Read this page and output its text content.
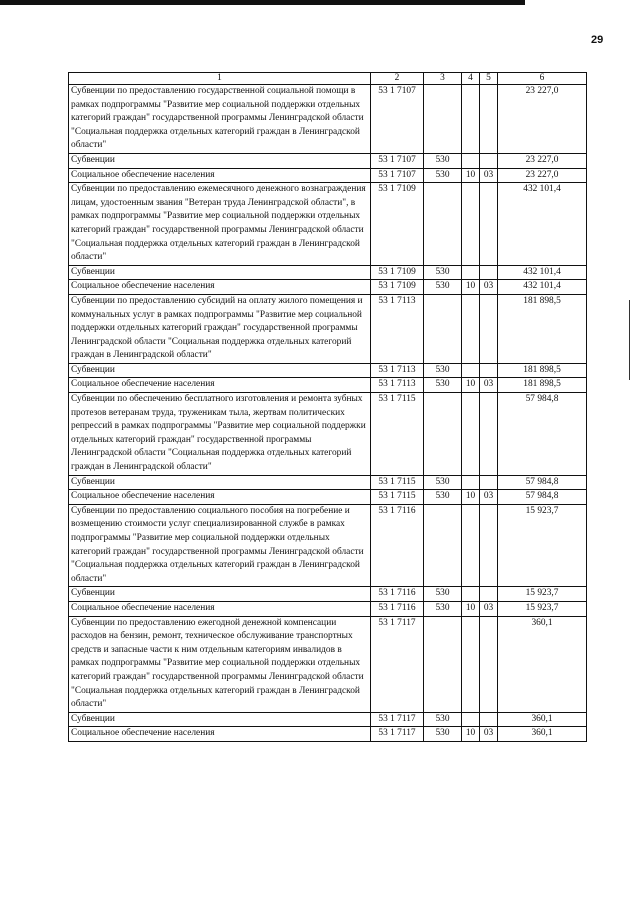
29
1	2	3	4	5	6
Субвенции по предоставлению государственной социальной помощи в рамках подпрограммы "Развитие мер социальной поддержки отдельных категорий граждан" государственной программы Ленинградской области "Социальная поддержка отдельных категорий граждан в Ленинградской области"	53 1 7107				23 227,0
Субвенции	53 1 7107	530			23 227,0
Социальное обеспечение населения	53 1 7107	530	10	03	23 227,0
Субвенции по предоставлению ежемесячного денежного вознаграждения лицам, удостоенным звания "Ветеран труда Ленинградской области", в рамках подпрограммы "Развитие мер социальной поддержки отдельных категорий граждан" государственной программы Ленинградской области "Социальная поддержка отдельных категорий граждан в Ленинградской области"	53 1 7109				432 101,4
Субвенции	53 1 7109	530			432 101,4
Социальное обеспечение населения	53 1 7109	530	10	03	432 101,4
Субвенции по предоставлению субсидий на оплату жилого помещения и коммунальных услуг в рамках подпрограммы "Развитие мер социальной поддержки отдельных категорий граждан" государственной программы Ленинградской области "Социальная поддержка отдельных категорий граждан в Ленинградской области"	53 1 7113				181 898,5
Субвенции	53 1 7113	530			181 898,5
Социальное обеспечение населения	53 1 7113	530	10	03	181 898,5
Субвенции по обеспечению бесплатного изготовления и ремонта зубных протезов ветеранам труда, труженикам тыла, жертвам политических репрессий в рамках подпрограммы "Развитие мер социальной поддержки отдельных категорий граждан" государственной программы Ленинградской области "Социальная поддержка отдельных категорий граждан в Ленинградской области"	53 1 7115				57 984,8
Субвенции	53 1 7115	530			57 984,8
Социальное обеспечение населения	53 1 7115	530	10	03	57 984,8
Субвенции по предоставлению социального пособия на погребение и возмещению стоимости услуг специализированной службе в рамках подпрограммы "Развитие мер социальной поддержки отдельных категорий граждан" государственной программы Ленинградской области "Социальная поддержка отдельных категорий граждан в Ленинградской области"	53 1 7116				15 923,7
Субвенции	53 1 7116	530			15 923,7
Социальное обеспечение населения	53 1 7116	530	10	03	15 923,7
Субвенции по предоставлению ежегодной денежной компенсации расходов на бензин, ремонт, техническое обслуживание транспортных средств и запасные части к ним отдельным категориям инвалидов в рамках подпрограммы "Развитие мер социальной поддержки отдельных категорий граждан" государственной программы Ленинградской области "Социальная поддержка отдельных категорий граждан в Ленинградской области"	53 1 7117				360,1
Субвенции	53 1 7117	530			360,1
Социальное обеспечение населения	53 1 7117	530	10	03	360,1
